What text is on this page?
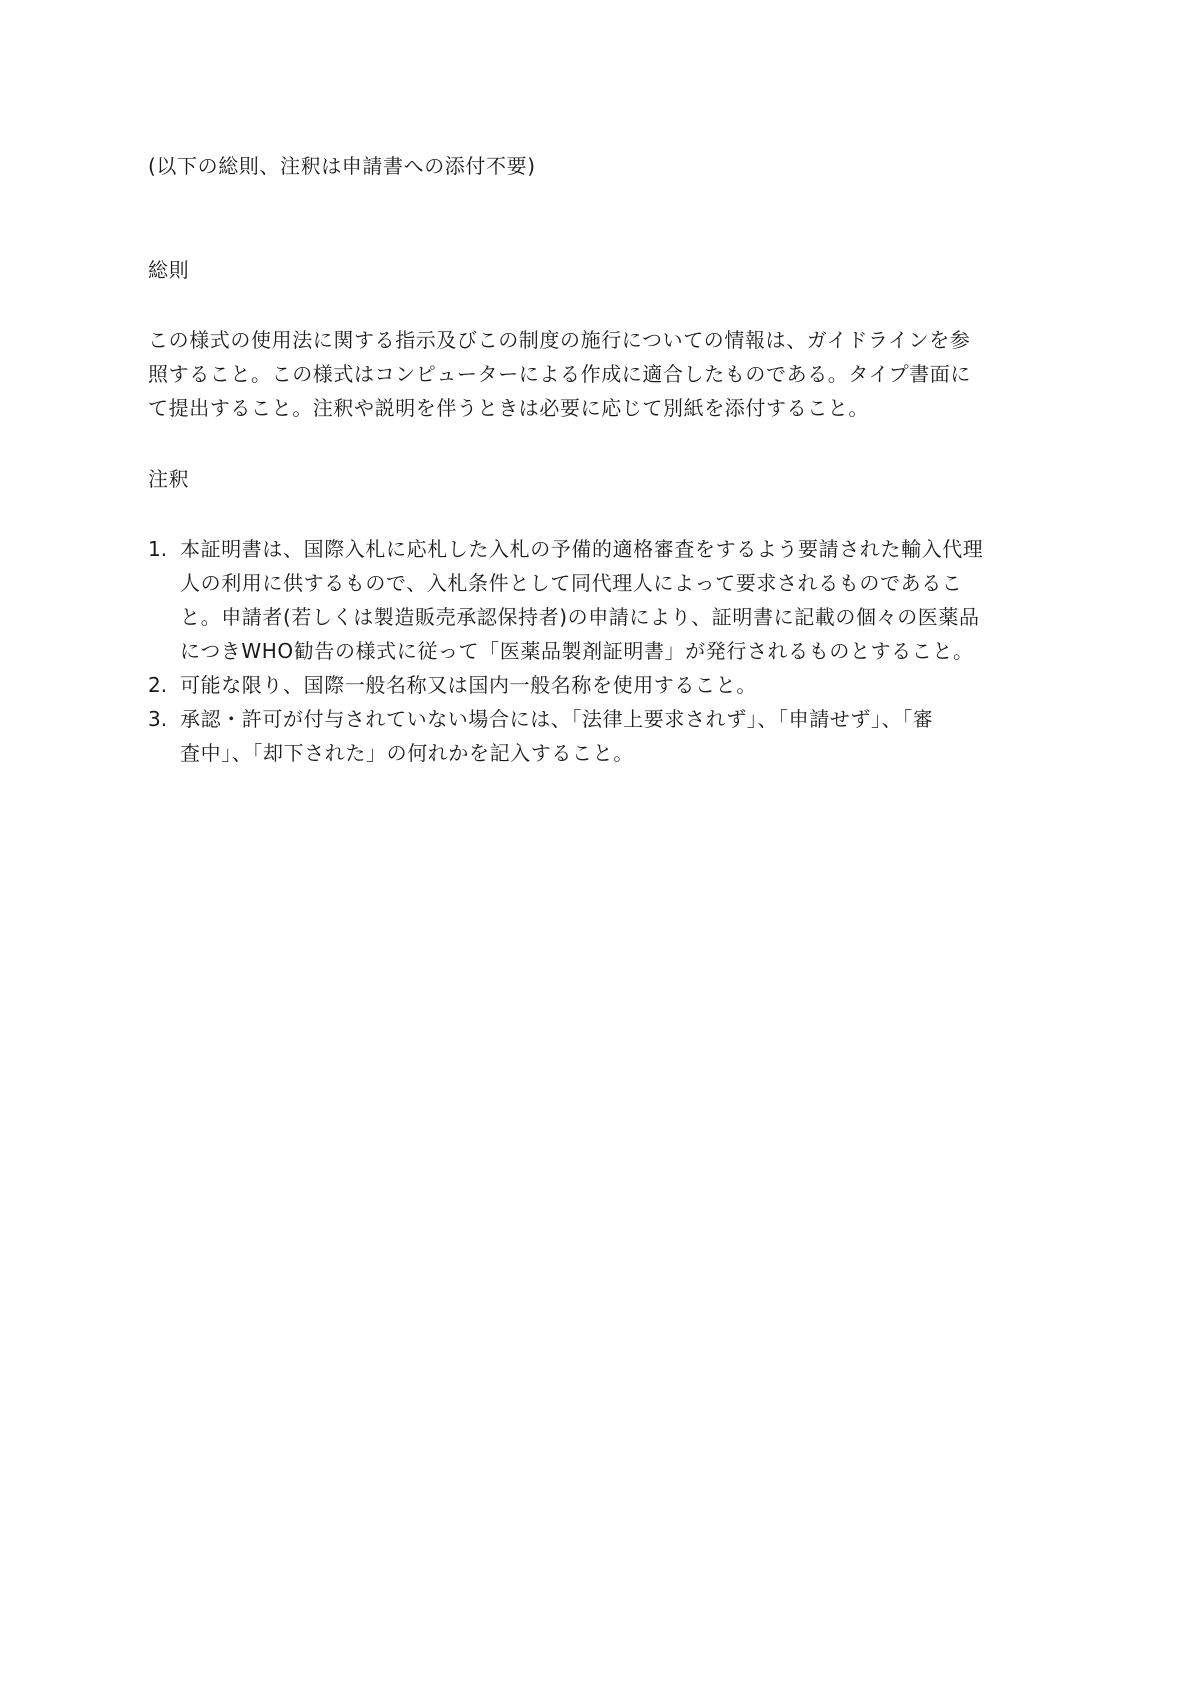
(以下の総則、注釈は申請書への添付不要)
総則
この様式の使用法に関する指示及びこの制度の施行についての情報は、ガイドラインを参
照すること。この様式はコンピューターによる作成に適合したものである。タイプ書面に
て提出すること。注釈や説明を伴うときは必要に応じて別紙を添付すること。
注釈
1. 本証明書は、国際入札に応札した入札の予備的適格審査をするよう要請された輸入代理
人の利用に供するもので、入札条件として同代理人によって要求されるものであるこ
と。申請者(若しくは製造販売承認保持者)の申請により、証明書に記載の個々の医薬品
につきWHO勧告の様式に従って「医薬品製剤証明書」が発行されるものとすること。
2. 可能な限り、国際一般名称又は国内一般名称を使用すること。
3. 承認・許可が付与されていない場合には、「法律上要求されず」、「申請せず」、「審
査中」、「却下された」の何れかを記入すること。
